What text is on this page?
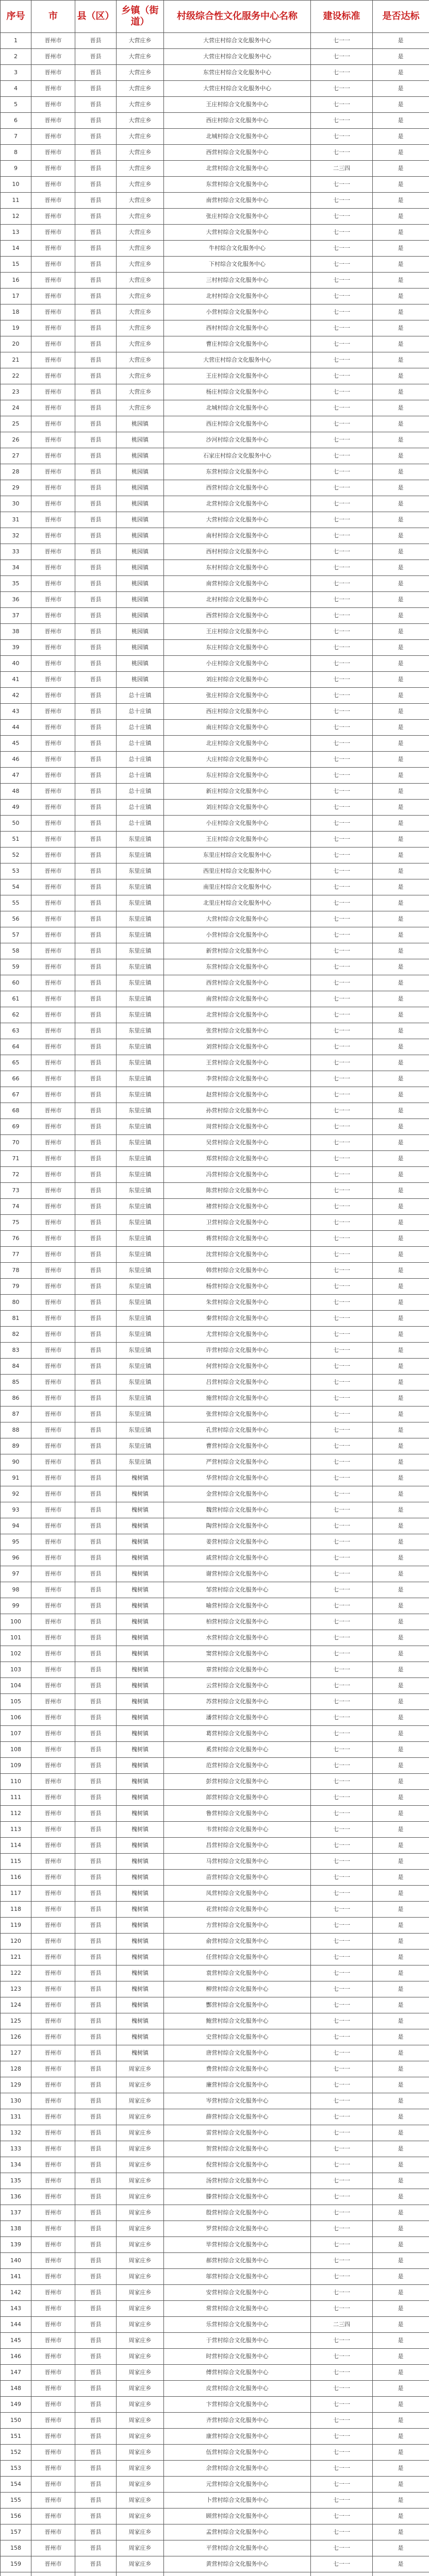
序号	市	县（区）	乡镇（街道）	村级综合性文化服务中心名称	建设标准	是否达标
1	晋州市	晋县	大营庄乡	大营庄村综合文化服务中心	七一一	是
2	晋州市	晋县	大营庄乡	大营庄村综合文化服务中心	七一一	是
3	晋州市	晋县	大营庄乡	东营庄村综合文化服务中心	七一一	是
4	晋州市	晋县	大营庄乡	大营庄村综合文化服务中心	七一一	是
5	晋州市	晋县	大营庄乡	王庄村综合文化服务中心	七一一	是
6	晋州市	晋县	大营庄乡	西庄村综合文化服务中心	七一一	是
7	晋州市	晋县	大营庄乡	北城村综合文化服务中心	七一一	是
8	晋州市	晋县	大营庄乡	西营村综合文化服务中心	七一一	是
9	晋州市	晋县	大营庄乡	北营村综合文化服务中心	二三四	是
10	晋州市	晋县	大营庄乡	东营村综合文化服务中心	七一一	是
11	晋州市	晋县	大营庄乡	南营村综合文化服务中心	七一一	是
12	晋州市	晋县	大营庄乡	张庄村综合文化服务中心	七一一	是
13	晋州市	晋县	大营庄乡	大营村综合文化服务中心	七一一	是
14	晋州市	晋县	大营庄乡	牛村综合文化服务中心	七一一	是
15	晋州市	晋县	大营庄乡	下村综合文化服务中心	七一一	是
16	晋州市	晋县	大营庄乡	三村村综合文化服务中心	七一一	是
17	晋州市	晋县	大营庄乡	北村村综合文化服务中心	七一一	是
18	晋州市	晋县	大营庄乡	小营村综合文化服务中心	七一一	是
19	晋州市	晋县	大营庄乡	西村村综合文化服务中心	七一一	是
20	晋州市	晋县	大营庄乡	曹庄村综合文化服务中心	七一一	是
21	晋州市	晋县	大营庄乡	大营庄村综合文化服务中心	七一一	是
22	晋州市	晋县	大营庄乡	王庄村综合文化服务中心	七一一	是
23	晋州市	晋县	大营庄乡	杨庄村综合文化服务中心	七一一	是
24	晋州市	晋县	大营庄乡	北城村综合文化服务中心	七一一	是
25	晋州市	晋县	桃园镇	西庄村综合文化服务中心	七一一	是
26	晋州市	晋县	桃园镇	沙河村综合文化服务中心	七一一	是
27	晋州市	晋县	桃园镇	石家庄村综合文化服务中心	七一一	是
28	晋州市	晋县	桃园镇	东营村综合文化服务中心	七一一	是
29	晋州市	晋县	桃园镇	西营村综合文化服务中心	七一一	是
30	晋州市	晋县	桃园镇	北营村综合文化服务中心	七一一	是
31	晋州市	晋县	桃园镇	大营村综合文化服务中心	七一一	是
32	晋州市	晋县	桃园镇	南村村综合文化服务中心	七一一	是
33	晋州市	晋县	桃园镇	西村村综合文化服务中心	七一一	是
34	晋州市	晋县	桃园镇	东村村综合文化服务中心	七一一	是
35	晋州市	晋县	桃园镇	南营村综合文化服务中心	七一一	是
36	晋州市	晋县	桃园镇	北村村综合文化服务中心	七一一	是
37	晋州市	晋县	桃园镇	西营村综合文化服务中心	七一一	是
38	晋州市	晋县	桃园镇	王庄村综合文化服务中心	七一一	是
39	晋州市	晋县	桃园镇	东庄村综合文化服务中心	七一一	是
40	晋州市	晋县	桃园镇	小庄村综合文化服务中心	七一一	是
41	晋州市	晋县	桃园镇	刘庄村综合文化服务中心	七一一	是
42	晋州市	晋县	总十庄镇	张庄村综合文化服务中心	七一一	是
43	晋州市	晋县	总十庄镇	西庄村综合文化服务中心	七一一	是
44	晋州市	晋县	总十庄镇	南庄村综合文化服务中心	七一一	是
45	晋州市	晋县	总十庄镇	北庄村综合文化服务中心	七一一	是
46	晋州市	晋县	总十庄镇	大庄村综合文化服务中心	七一一	是
47	晋州市	晋县	总十庄镇	东庄村综合文化服务中心	七一一	是
48	晋州市	晋县	总十庄镇	新庄村综合文化服务中心	七一一	是
49	晋州市	晋县	总十庄镇	刘庄村综合文化服务中心	七一一	是
50	晋州市	晋县	总十庄镇	小庄村综合文化服务中心	七一一	是
51	晋州市	晋县	东里庄镇	王庄村综合文化服务中心	七一一	是
52	晋州市	晋县	东里庄镇	东里庄村综合文化服务中心	七一一	是
53	晋州市	晋县	东里庄镇	西里庄村综合文化服务中心	七一一	是
54	晋州市	晋县	东里庄镇	南里庄村综合文化服务中心	七一一	是
55	晋州市	晋县	东里庄镇	北里庄村综合文化服务中心	七一一	是
56	晋州市	晋县	东里庄镇	大营村综合文化服务中心	七一一	是
57	晋州市	晋县	东里庄镇	小营村综合文化服务中心	七一一	是
58	晋州市	晋县	东里庄镇	新营村综合文化服务中心	七一一	是
59	晋州市	晋县	东里庄镇	东营村综合文化服务中心	七一一	是
60	晋州市	晋县	东里庄镇	西营村综合文化服务中心	七一一	是
61	晋州市	晋县	东里庄镇	南营村综合文化服务中心	七一一	是
62	晋州市	晋县	东里庄镇	北营村综合文化服务中心	七一一	是
63	晋州市	晋县	东里庄镇	张营村综合文化服务中心	七一一	是
64	晋州市	晋县	东里庄镇	刘营村综合文化服务中心	七一一	是
65	晋州市	晋县	东里庄镇	王营村综合文化服务中心	七一一	是
66	晋州市	晋县	东里庄镇	李营村综合文化服务中心	七一一	是
67	晋州市	晋县	东里庄镇	赵营村综合文化服务中心	七一一	是
68	晋州市	晋县	东里庄镇	孙营村综合文化服务中心	七一一	是
69	晋州市	晋县	东里庄镇	周营村综合文化服务中心	七一一	是
70	晋州市	晋县	东里庄镇	吴营村综合文化服务中心	七一一	是
71	晋州市	晋县	东里庄镇	郑营村综合文化服务中心	七一一	是
72	晋州市	晋县	东里庄镇	冯营村综合文化服务中心	七一一	是
73	晋州市	晋县	东里庄镇	陈营村综合文化服务中心	七一一	是
74	晋州市	晋县	东里庄镇	褚营村综合文化服务中心	七一一	是
75	晋州市	晋县	东里庄镇	卫营村综合文化服务中心	七一一	是
76	晋州市	晋县	东里庄镇	蒋营村综合文化服务中心	七一一	是
77	晋州市	晋县	东里庄镇	沈营村综合文化服务中心	七一一	是
78	晋州市	晋县	东里庄镇	韩营村综合文化服务中心	七一一	是
79	晋州市	晋县	东里庄镇	杨营村综合文化服务中心	七一一	是
80	晋州市	晋县	东里庄镇	朱营村综合文化服务中心	七一一	是
81	晋州市	晋县	东里庄镇	秦营村综合文化服务中心	七一一	是
82	晋州市	晋县	东里庄镇	尤营村综合文化服务中心	七一一	是
83	晋州市	晋县	东里庄镇	许营村综合文化服务中心	七一一	是
84	晋州市	晋县	东里庄镇	何营村综合文化服务中心	七一一	是
85	晋州市	晋县	东里庄镇	吕营村综合文化服务中心	七一一	是
86	晋州市	晋县	东里庄镇	施营村综合文化服务中心	七一一	是
87	晋州市	晋县	东里庄镇	张营村综合文化服务中心	七一一	是
88	晋州市	晋县	东里庄镇	孔营村综合文化服务中心	七一一	是
89	晋州市	晋县	东里庄镇	曹营村综合文化服务中心	七一一	是
90	晋州市	晋县	东里庄镇	严营村综合文化服务中心	七一一	是
91	晋州市	晋县	槐树镇	华营村综合文化服务中心	七一一	是
92	晋州市	晋县	槐树镇	金营村综合文化服务中心	七一一	是
93	晋州市	晋县	槐树镇	魏营村综合文化服务中心	七一一	是
94	晋州市	晋县	槐树镇	陶营村综合文化服务中心	七一一	是
95	晋州市	晋县	槐树镇	姜营村综合文化服务中心	七一一	是
96	晋州市	晋县	槐树镇	戚营村综合文化服务中心	七一一	是
97	晋州市	晋县	槐树镇	谢营村综合文化服务中心	七一一	是
98	晋州市	晋县	槐树镇	邹营村综合文化服务中心	七一一	是
99	晋州市	晋县	槐树镇	喻营村综合文化服务中心	七一一	是
100	晋州市	晋县	槐树镇	柏营村综合文化服务中心	七一一	是
101	晋州市	晋县	槐树镇	水营村综合文化服务中心	七一一	是
102	晋州市	晋县	槐树镇	窦营村综合文化服务中心	七一一	是
103	晋州市	晋县	槐树镇	章营村综合文化服务中心	七一一	是
104	晋州市	晋县	槐树镇	云营村综合文化服务中心	七一一	是
105	晋州市	晋县	槐树镇	苏营村综合文化服务中心	七一一	是
106	晋州市	晋县	槐树镇	潘营村综合文化服务中心	七一一	是
107	晋州市	晋县	槐树镇	葛营村综合文化服务中心	七一一	是
108	晋州市	晋县	槐树镇	奚营村综合文化服务中心	七一一	是
109	晋州市	晋县	槐树镇	范营村综合文化服务中心	七一一	是
110	晋州市	晋县	槐树镇	彭营村综合文化服务中心	七一一	是
111	晋州市	晋县	槐树镇	郎营村综合文化服务中心	七一一	是
112	晋州市	晋县	槐树镇	鲁营村综合文化服务中心	七一一	是
113	晋州市	晋县	槐树镇	韦营村综合文化服务中心	七一一	是
114	晋州市	晋县	槐树镇	昌营村综合文化服务中心	七一一	是
115	晋州市	晋县	槐树镇	马营村综合文化服务中心	七一一	是
116	晋州市	晋县	槐树镇	苗营村综合文化服务中心	七一一	是
117	晋州市	晋县	槐树镇	凤营村综合文化服务中心	七一一	是
118	晋州市	晋县	槐树镇	花营村综合文化服务中心	七一一	是
119	晋州市	晋县	槐树镇	方营村综合文化服务中心	七一一	是
120	晋州市	晋县	槐树镇	俞营村综合文化服务中心	七一一	是
121	晋州市	晋县	槐树镇	任营村综合文化服务中心	七一一	是
122	晋州市	晋县	槐树镇	袁营村综合文化服务中心	七一一	是
123	晋州市	晋县	槐树镇	柳营村综合文化服务中心	七一一	是
124	晋州市	晋县	槐树镇	酆营村综合文化服务中心	七一一	是
125	晋州市	晋县	槐树镇	鲍营村综合文化服务中心	七一一	是
126	晋州市	晋县	槐树镇	史营村综合文化服务中心	七一一	是
127	晋州市	晋县	槐树镇	唐营村综合文化服务中心	七一一	是
128	晋州市	晋县	周家庄乡	费营村综合文化服务中心	七一一	是
129	晋州市	晋县	周家庄乡	廉营村综合文化服务中心	七一一	是
130	晋州市	晋县	周家庄乡	岑营村综合文化服务中心	七一一	是
131	晋州市	晋县	周家庄乡	薛营村综合文化服务中心	七一一	是
132	晋州市	晋县	周家庄乡	雷营村综合文化服务中心	七一一	是
133	晋州市	晋县	周家庄乡	贺营村综合文化服务中心	七一一	是
134	晋州市	晋县	周家庄乡	倪营村综合文化服务中心	七一一	是
135	晋州市	晋县	周家庄乡	汤营村综合文化服务中心	七一一	是
136	晋州市	晋县	周家庄乡	滕营村综合文化服务中心	七一一	是
137	晋州市	晋县	周家庄乡	殷营村综合文化服务中心	七一一	是
138	晋州市	晋县	周家庄乡	罗营村综合文化服务中心	七一一	是
139	晋州市	晋县	周家庄乡	毕营村综合文化服务中心	七一一	是
140	晋州市	晋县	周家庄乡	郝营村综合文化服务中心	七一一	是
141	晋州市	晋县	周家庄乡	邬营村综合文化服务中心	七一一	是
142	晋州市	晋县	周家庄乡	安营村综合文化服务中心	七一一	是
143	晋州市	晋县	周家庄乡	常营村综合文化服务中心	七一一	是
144	晋州市	晋县	周家庄乡	乐营村综合文化服务中心	二三四	是
145	晋州市	晋县	周家庄乡	于营村综合文化服务中心	七一一	是
146	晋州市	晋县	周家庄乡	时营村综合文化服务中心	七一一	是
147	晋州市	晋县	周家庄乡	傅营村综合文化服务中心	七一一	是
148	晋州市	晋县	周家庄乡	皮营村综合文化服务中心	七一一	是
149	晋州市	晋县	周家庄乡	卞营村综合文化服务中心	七一一	是
150	晋州市	晋县	周家庄乡	齐营村综合文化服务中心	七一一	是
151	晋州市	晋县	周家庄乡	康营村综合文化服务中心	七一一	是
152	晋州市	晋县	周家庄乡	伍营村综合文化服务中心	七一一	是
153	晋州市	晋县	周家庄乡	余营村综合文化服务中心	七一一	是
154	晋州市	晋县	周家庄乡	元营村综合文化服务中心	七一一	是
155	晋州市	晋县	周家庄乡	卜营村综合文化服务中心	七一一	是
156	晋州市	晋县	周家庄乡	顾营村综合文化服务中心	七一一	是
157	晋州市	晋县	周家庄乡	孟营村综合文化服务中心	七一一	是
158	晋州市	晋县	周家庄乡	平营村综合文化服务中心	七一一	是
159	晋州市	晋县	周家庄乡	黄营村综合文化服务中心	七一一	是
